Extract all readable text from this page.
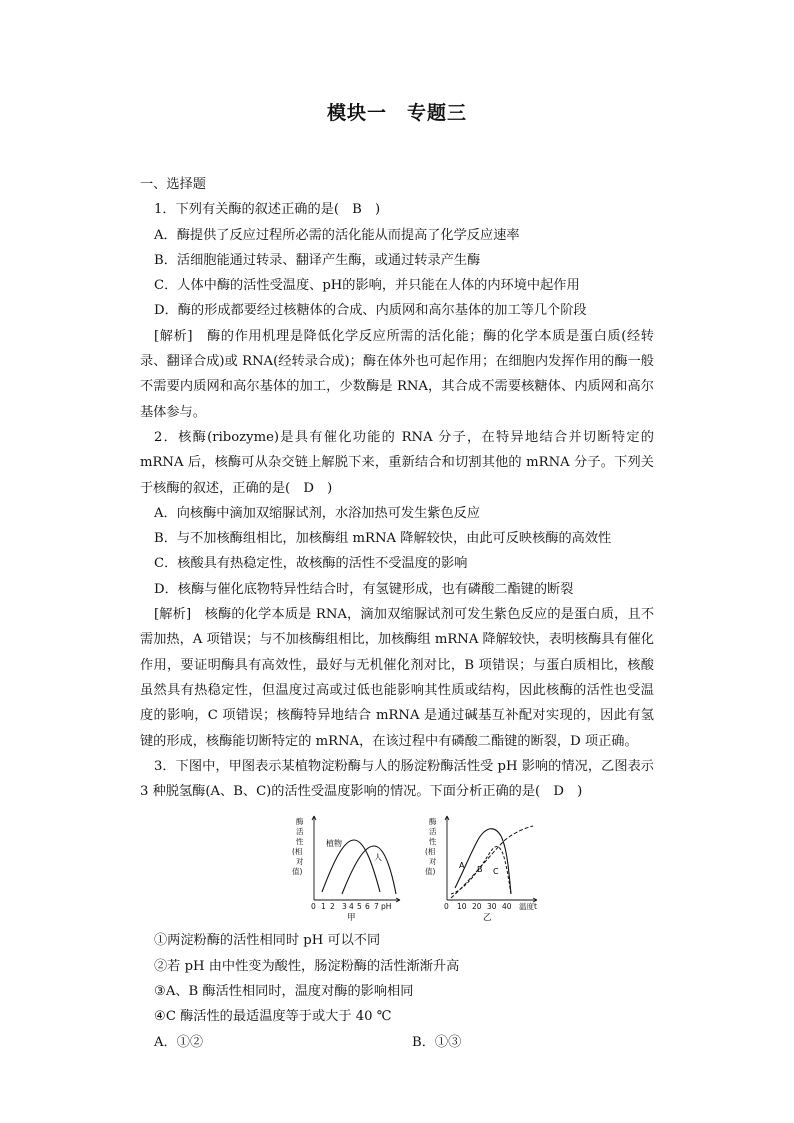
模块一 专题三
一、选择题
1．下列有关酶的叙述正确的是(　B　)
A．酶提供了反应过程所必需的活化能从而提高了化学反应速率
B．活细胞能通过转录、翻译产生酶，或通过转录产生酶
C．人体中酶的活性受温度、pH的影响，并只能在人体的内环境中起作用
D．酶的形成都要经过核糖体的合成、内质网和高尔基体的加工等几个阶段
[解析]　 酶的作用机理是降低化学反应所需的活化能；酶的化学本质是蛋白质(经转录、翻译合成)或 RNA(经转录合成)；酶在体外也可起作用；在细胞内发挥作用的酶一般不需要内质网和高尔基体的加工，少数酶是 RNA，其合成不需要核糖体、内质网和高尔基体参与。
2．核酶(ribozyme)是具有催化功能的 RNA 分子，在特异地结合并切断特定的 mRNA 后，核酶可从杂交链上解脱下来，重新结合和切割其他的 mRNA 分子。下列关于核酶的叙述，正确的是(　D　)
A．向核酶中滴加双缩脲试剂，水浴加热可发生紫色反应
B．与不加核酶组相比，加核酶组 mRNA 降解较快，由此可反映核酶的高效性
C．核酸具有热稳定性，故核酶的活性不受温度的影响
D．核酶与催化底物特异性结合时，有氢键形成，也有磷酸二酯键的断裂
[解析]　 核酶的化学本质是 RNA，滴加双缩脲试剂可发生紫色反应的是蛋白质，且不需加热，A 项错误；与不加核酶组相比，加核酶组 mRNA 降解较快，表明核酶具有催化作用，要证明酶具有高效性，最好与无机催化剂对比，B 项错误；与蛋白质相比，核酸虽然具有热稳定性，但温度过高或过低也能影响其性质或结构，因此核酶的活性也受温度的影响，C 项错误；核酶特异地结合 mRNA 是通过碱基互补配对实现的，因此有氢键的形成，核酶能切断特定的 mRNA，在该过程中有磷酸二酯键的断裂，D 项正确。
3．下图中，甲图表示某植物淀粉酶与人的肠淀粉酶活性受 pH 影响的情况，乙图表示 3 种脱氢酶(A、B、C)的活性受温度影响的情况。下面分析正确的是(　D　)
酶
活
性
(相
对
值)
植物
人
0 1 2 3 4 5 6 7 pH
甲
酶
活
性
(相
对
值)
A B C
0 10 20 30 40 温度t
乙
①两淀粉酶的活性相同时 pH 可以不同
②若 pH 由中性变为酸性，肠淀粉酶的活性渐渐升高
③A、B 酶活性相同时，温度对酶的影响相同
④C 酶活性的最适温度等于或大于 40 ℃
A．①②	B．①③
